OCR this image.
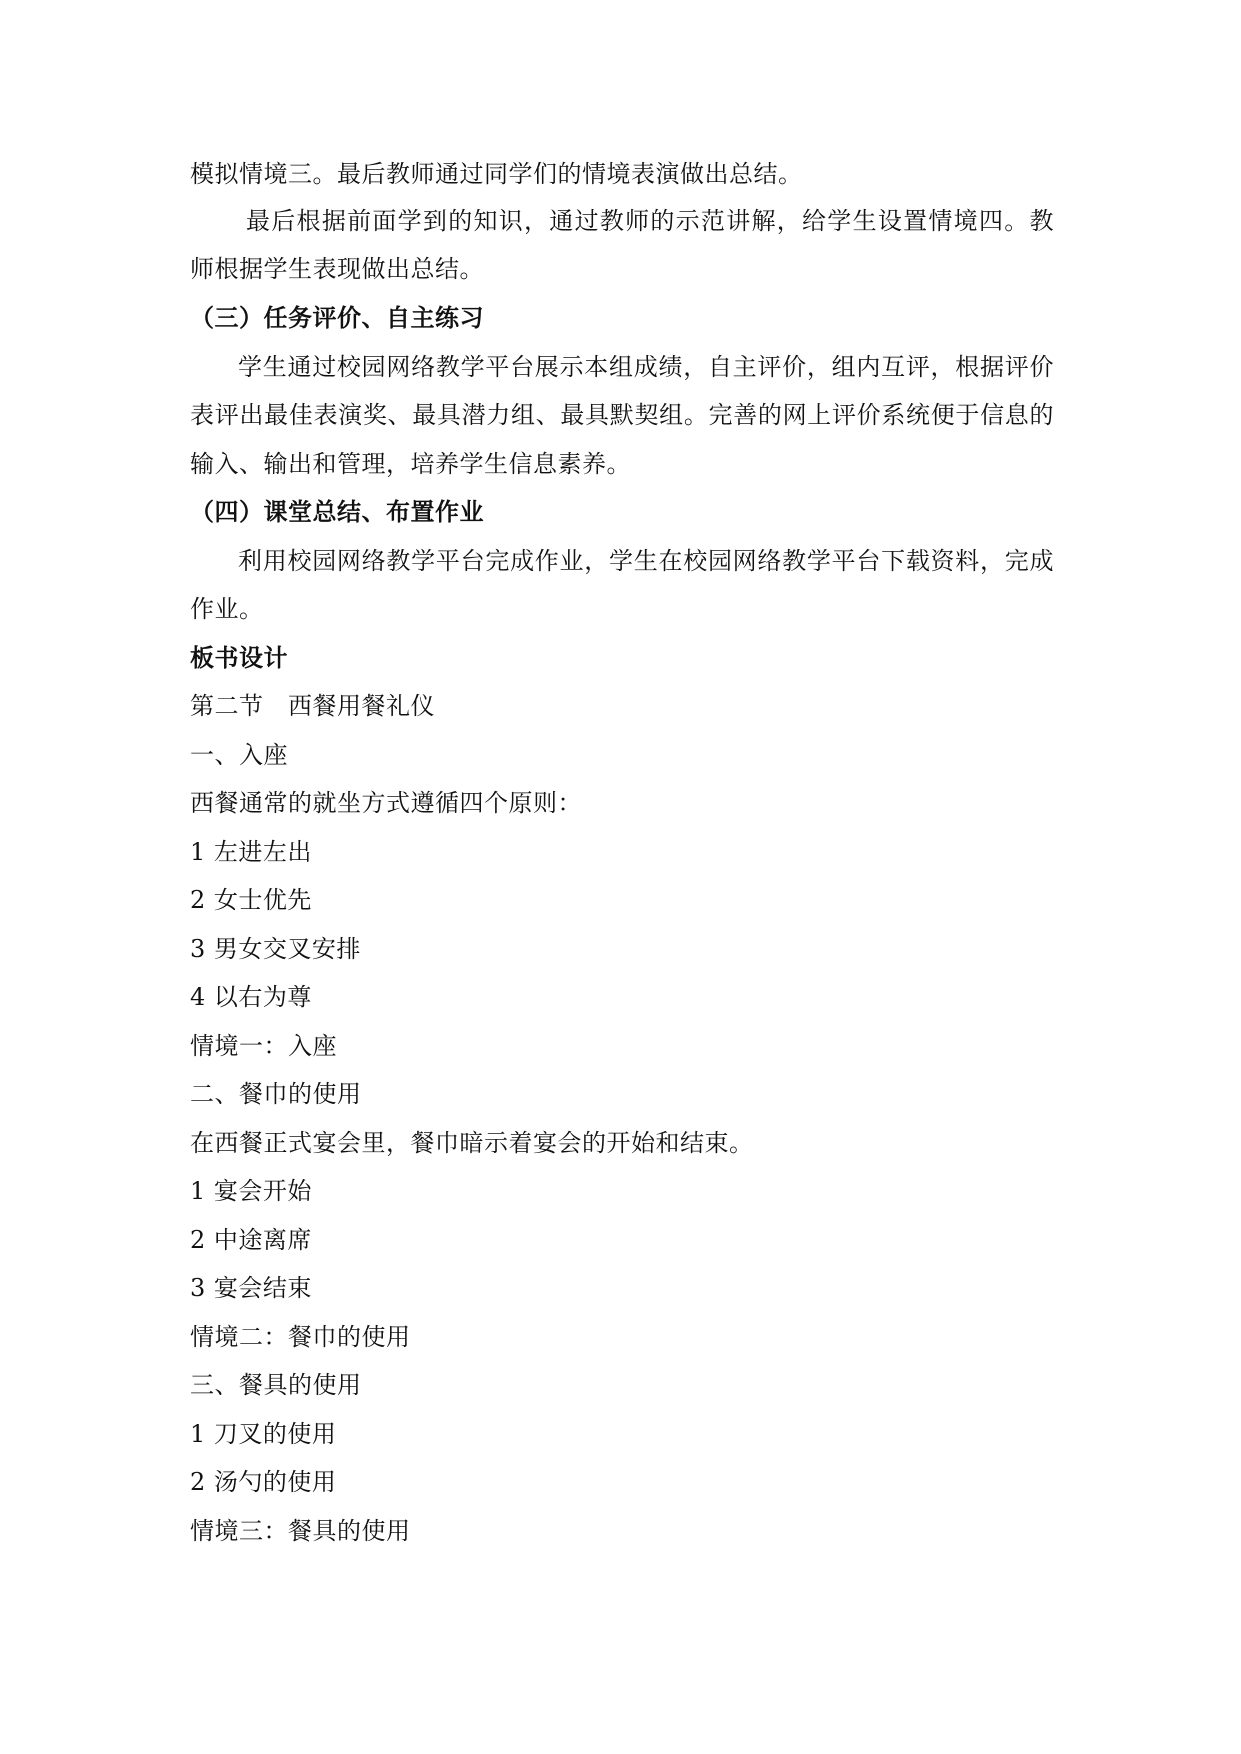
模拟情境三。最后教师通过同学们的情境表演做出总结。
最后根据前面学到的知识，通过教师的示范讲解，给学生设置情境四。教
师根据学生表现做出总结。
（三）任务评价、自主练习
学生通过校园网络教学平台展示本组成绩，自主评价，组内互评，根据评价
表评出最佳表演奖、最具潜力组、最具默契组。完善的网上评价系统便于信息的
输入、输出和管理，培养学生信息素养。
（四）课堂总结、布置作业
利用校园网络教学平台完成作业，学生在校园网络教学平台下载资料，完成
作业。
板书设计
第二节　西餐用餐礼仪
一、入座
西餐通常的就坐方式遵循四个原则：
1 左进左出
2 女士优先
3 男女交叉安排
4 以右为尊
情境一：入座
二、餐巾的使用
在西餐正式宴会里，餐巾暗示着宴会的开始和结束。
1 宴会开始
2 中途离席
3 宴会结束
情境二：餐巾的使用
三、餐具的使用
1 刀叉的使用
2 汤勺的使用
情境三：餐具的使用
